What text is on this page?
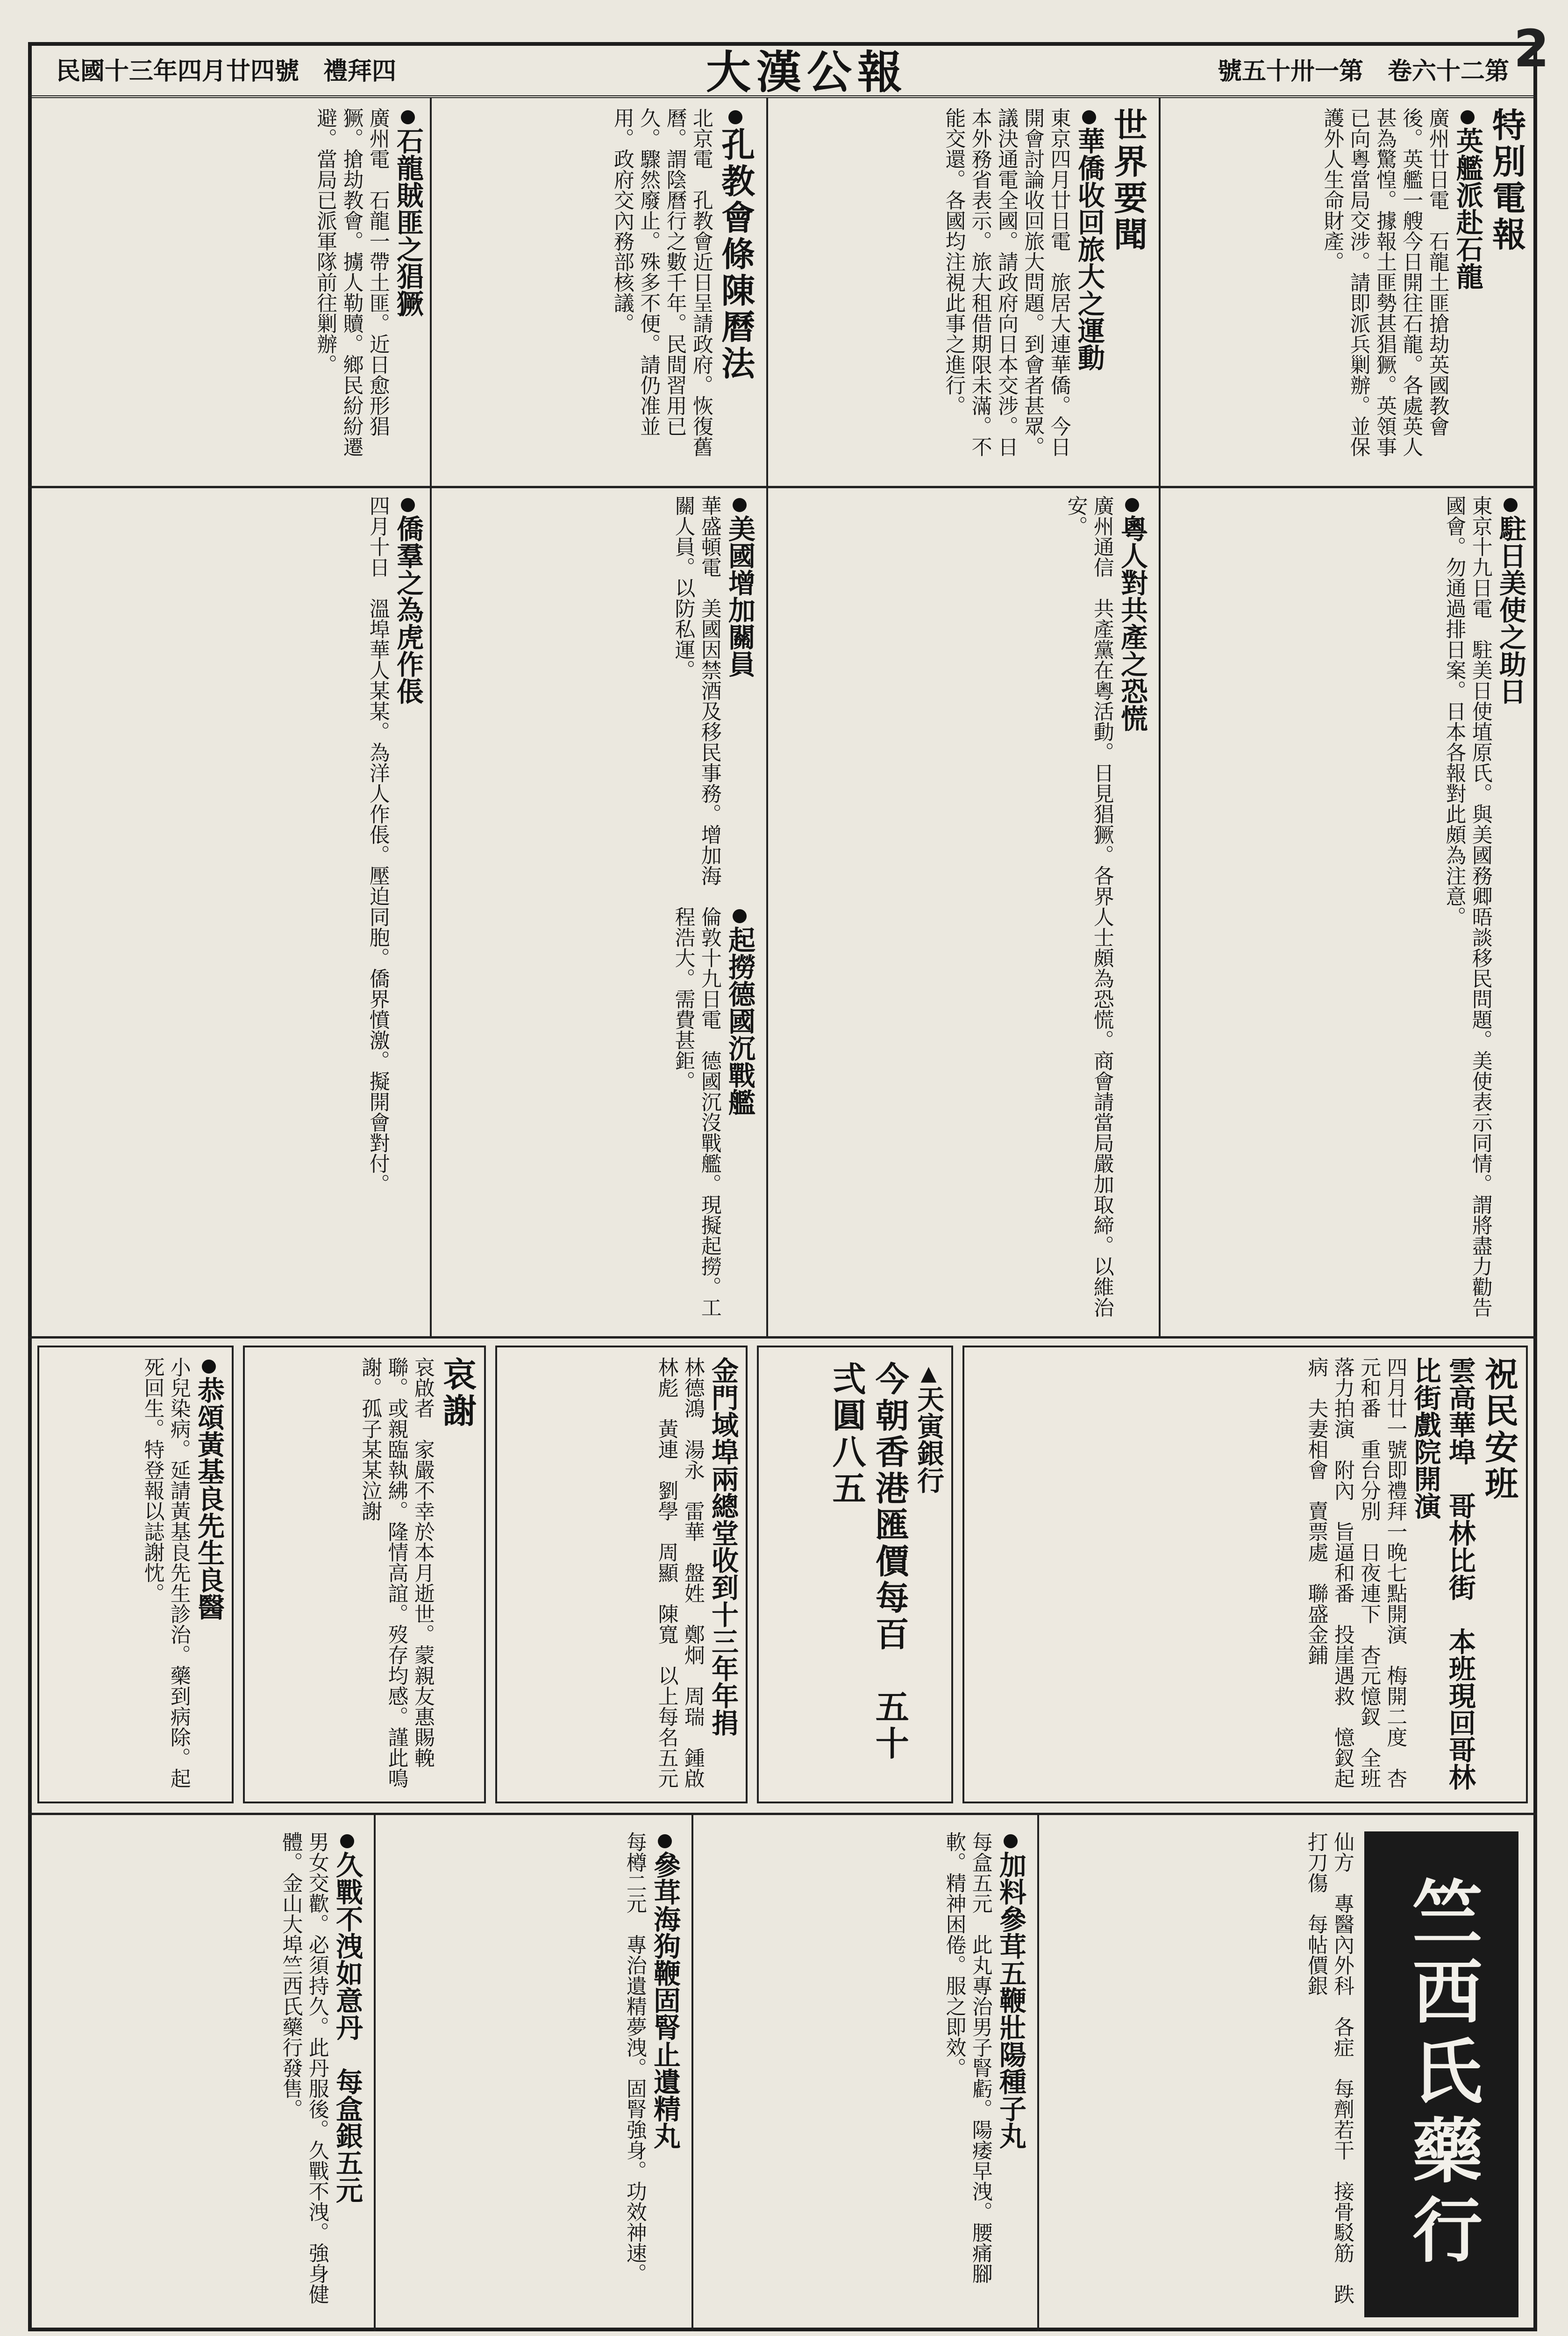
民國十三年四月廿四號　禮拜四	大漢公報	號五十卅一第　卷六十二第
特別電報
英艦派赴石龍
廣州廿日電　石龍土匪搶劫英國教會後。英艦一艘今日開往石龍。各處英人甚為驚惶。據報土匪勢甚猖獗。英領事已向粵當局交涉。請即派兵剿辦。並保護外人生命財產。
世界要聞
華僑收回旅大之運動
東京四月廿日電　旅居大連華僑。今日開會討論收回旅大問題。到會者甚眾。議決通電全國。請政府向日本交涉。日本外務省表示。旅大租借期限未滿。不能交還。各國均注視此事之進行。
孔教會條陳曆法
北京電　孔教會近日呈請政府。恢復舊曆。謂陰曆行之數千年。民間習用已久。驟然廢止。殊多不便。請仍准並用。政府交內務部核議。
石龍賊匪之猖獗
廣州電　石龍一帶土匪。近日愈形猖獗。搶劫教會。擄人勒贖。鄉民紛紛遷避。當局已派軍隊前往剿辦。
駐日美使之助日
東京十九日電　駐美日使埴原氏。與美國務卿晤談移民問題。美使表示同情。謂將盡力勸告國會。勿通過排日案。日本各報對此頗為注意。
粵人對共產之恐慌
廣州通信　共產黨在粵活動。日見猖獗。各界人士頗為恐慌。商會請當局嚴加取締。以維治安。
美國增加關員
華盛頓電　美國因禁酒及移民事務。增加海關人員。以防私運。
起撈德國沉戰艦
倫敦十九日電　德國沉沒戰艦。現擬起撈。工程浩大。需費甚鉅。
僑羣之為虎作倀
四月十日　溫埠華人某某。為洋人作倀。壓迫同胞。僑界憤激。擬開會對付。
祝民安班
雲高華埠　哥林比街　本班現回哥林比街戲院開演
四月廿一號即禮拜一晚七點開演　梅開二度　杏元和番　重台分別　日夜連下　杏元憶釵　全班落力拍演　附內　旨逼和番　投崖遇救　憶釵起病　夫妻相會　賣票處　聯盛金鋪
▲天寅銀行
今朝香港匯價每百　五十弍圓八五
金門域埠兩總堂收到十三年年捐
林德鴻　湯永　雷華　盤姓　鄭炯　周瑞　鍾啟　林彪　黃連　劉學　周顯　陳寬　以上每名五元
哀謝
哀啟者　家嚴不幸於本月逝世。蒙親友惠賜輓聯。或親臨執紼。隆情高誼。歿存均感。謹此鳴謝。孤子某某泣謝
恭頌黃基良先生良醫
小兒染病。延請黃基良先生診治。藥到病除。起死回生。特登報以誌謝忱。
竺西氏藥行
仙方　專醫內外科　各症　每劑若干　接骨駁筋　跌打刀傷　每帖價銀
加料參茸五鞭壯陽種子丸
每盒五元　此丸專治男子腎虧。陽痿早洩。腰痛腳軟。精神困倦。服之即效。
參茸海狗鞭固腎止遺精丸
每樽二元　專治遺精夢洩。固腎強身。功效神速。
久戰不洩如意丹　每盒銀五元
男女交歡。必須持久。此丹服後。久戰不洩。強身健體。金山大埠竺西氏藥行發售。
2
